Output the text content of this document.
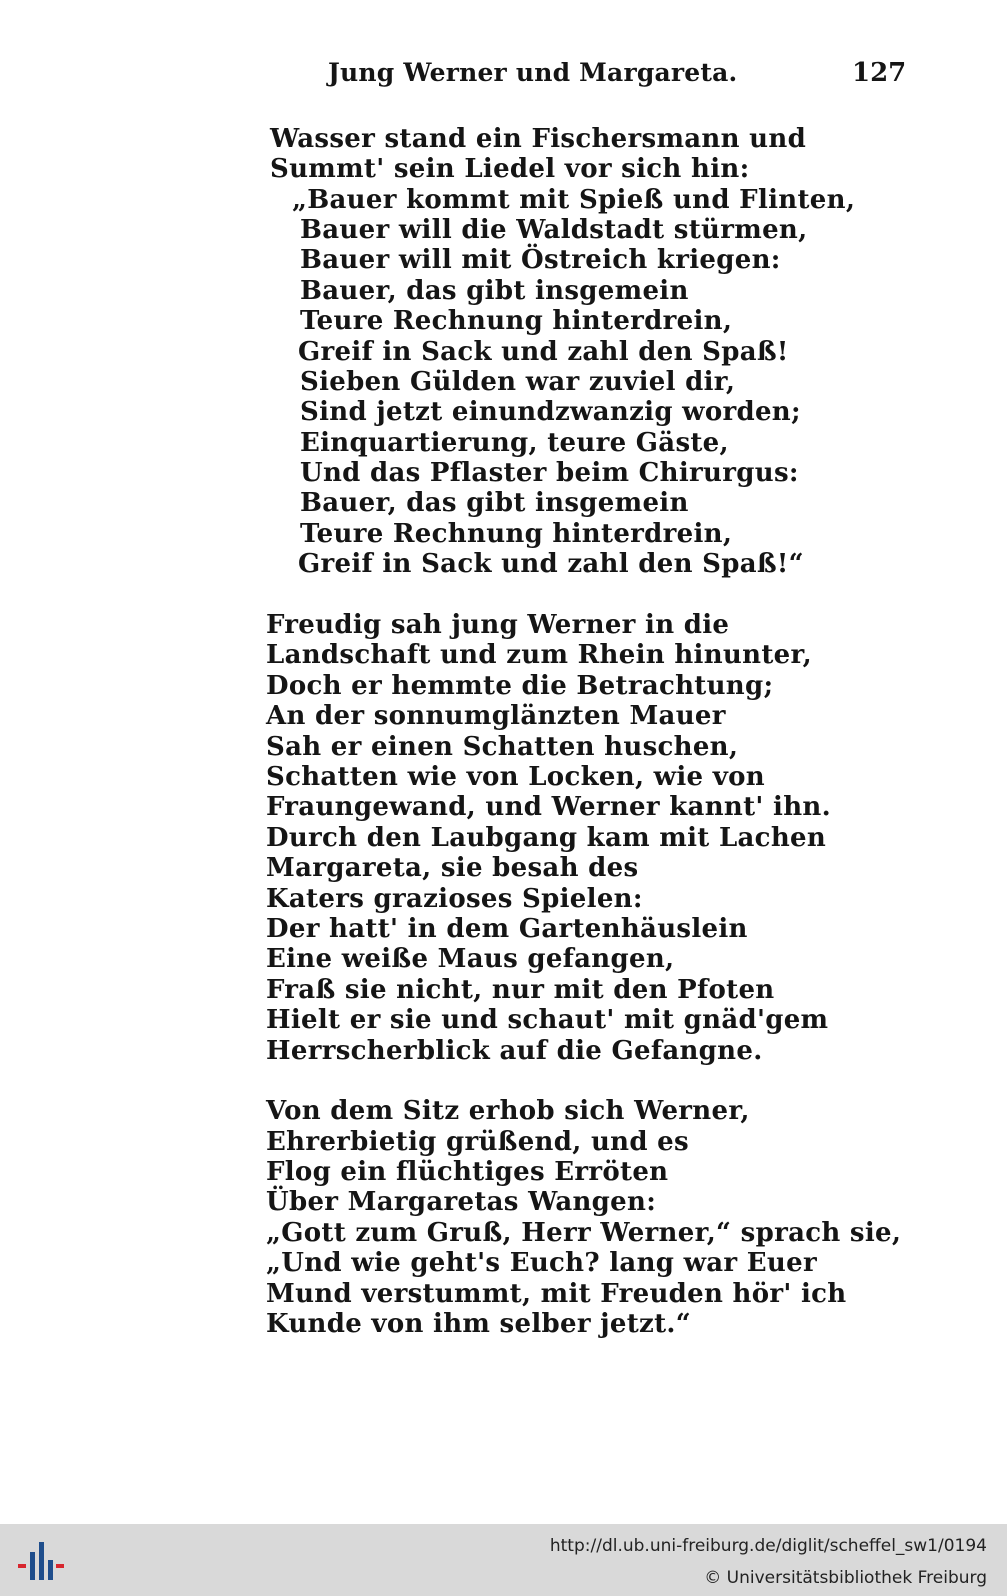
Jung Werner und Margareta.	127
Wasser stand ein Fischersmann und
Summt' sein Liedel vor sich hin:
„Bauer kommt mit Spieß und Flinten,
Bauer will die Waldstadt stürmen,
Bauer will mit Östreich kriegen:
Bauer, das gibt insgemein
Teure Rechnung hinterdrein,
Greif in Sack und zahl den Spaß!
Sieben Gülden war zuviel dir,
Sind jetzt einundzwanzig worden;
Einquartierung, teure Gäste,
Und das Pflaster beim Chirurgus:
Bauer, das gibt insgemein
Teure Rechnung hinterdrein,
Greif in Sack und zahl den Spaß!“
Freudig sah jung Werner in die
Landschaft und zum Rhein hinunter,
Doch er hemmte die Betrachtung;
An der sonnumglänzten Mauer
Sah er einen Schatten huschen,
Schatten wie von Locken, wie von
Fraungewand, und Werner kannt' ihn.
Durch den Laubgang kam mit Lachen
Margareta, sie besah des
Katers grazioses Spielen:
Der hatt' in dem Gartenhäuslein
Eine weiße Maus gefangen,
Fraß sie nicht, nur mit den Pfoten
Hielt er sie und schaut' mit gnäd'gem
Herrscherblick auf die Gefangne.
Von dem Sitz erhob sich Werner,
Ehrerbietig grüßend, und es
Flog ein flüchtiges Erröten
Über Margaretas Wangen:
„Gott zum Gruß, Herr Werner,“ sprach sie,
„Und wie geht's Euch? lang war Euer
Mund verstummt, mit Freuden hör' ich
Kunde von ihm selber jetzt.“
http://dl.ub.uni-freiburg.de/diglit/scheffel_sw1/0194
© Universitätsbibliothek Freiburg
